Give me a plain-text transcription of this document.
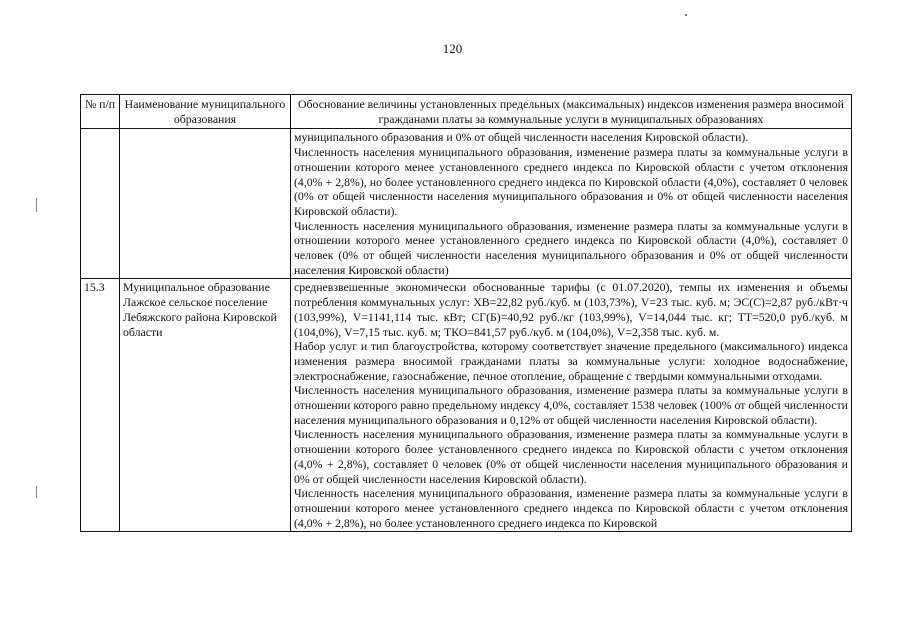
120
№ п/п	Наименование муниципального образования	Обоснование величины установленных предельных (максимальных) индексов изменения размера вносимой гражданами платы за коммунальные услуги в муниципальных образованиях

		муниципального образования и 0% от общей численности населения Кировской области).

Численность населения муниципального образования, изменение размера платы за коммунальные услуги в отношении которого менее установленного среднего индекса по Кировской области с учетом отклонения (4,0% + 2,8%), но более установленного среднего индекса по Кировской области (4,0%), составляет 0 человек (0% от общей численности населения муниципального образования и 0% от общей численности населения Кировской области).

Численность населения муниципального образования, изменение размера платы за коммунальные услуги в отношении которого менее установленного среднего индекса по Кировской области (4,0%), составляет 0 человек (0% от общей численности населения муниципального образования и 0% от общей численности населения Кировской области)

15.3	Муниципальное образование Лажское сельское поселение Лебяжского района Кировской области	средневзвешенные экономически обоснованные тарифы (с 01.07.2020), темпы их изменения и объемы потребления коммунальных услуг: ХВ=22,82 руб./куб. м (103,73%), V=23 тыс. куб. м; ЭС(С)=2,87 руб./кВт·ч (103,99%), V=1141,114 тыс. кВт; СГ(Б)=40,92 руб./кг (103,99%), V=14,044 тыс. кг; ТТ=520,0 руб./куб. м (104,0%), V=7,15 тыс. куб. м; ТКО=841,57 руб./куб. м (104,0%), V=2,358 тыс. куб. м.

Набор услуг и тип благоустройства, которому соответствует значение предельного (максимального) индекса изменения размера вносимой гражданами платы за коммунальные услуги: холодное водоснабжение, электроснабжение, газоснабжение, печное отопление, обращение с твердыми коммунальными отходами.

Численность населения муниципального образования, изменение размера платы за коммунальные услуги в отношении которого равно предельному индексу 4,0%, составляет 1538 человек (100% от общей численности населения муниципального образования и 0,12% от общей численности населения Кировской области).

Численность населения муниципального образования, изменение размера платы за коммунальные услуги в отношении которого более установленного среднего индекса по Кировской области с учетом отклонения (4,0% + 2,8%), составляет 0 человек (0% от общей численности населения муниципального образования и 0% от общей численности населения Кировской области).

Численность населения муниципального образования, изменение размера платы за коммунальные услуги в отношении которого менее установленного среднего индекса по Кировской области с учетом отклонения (4,0% + 2,8%), но более установленного среднего индекса по Кировской
